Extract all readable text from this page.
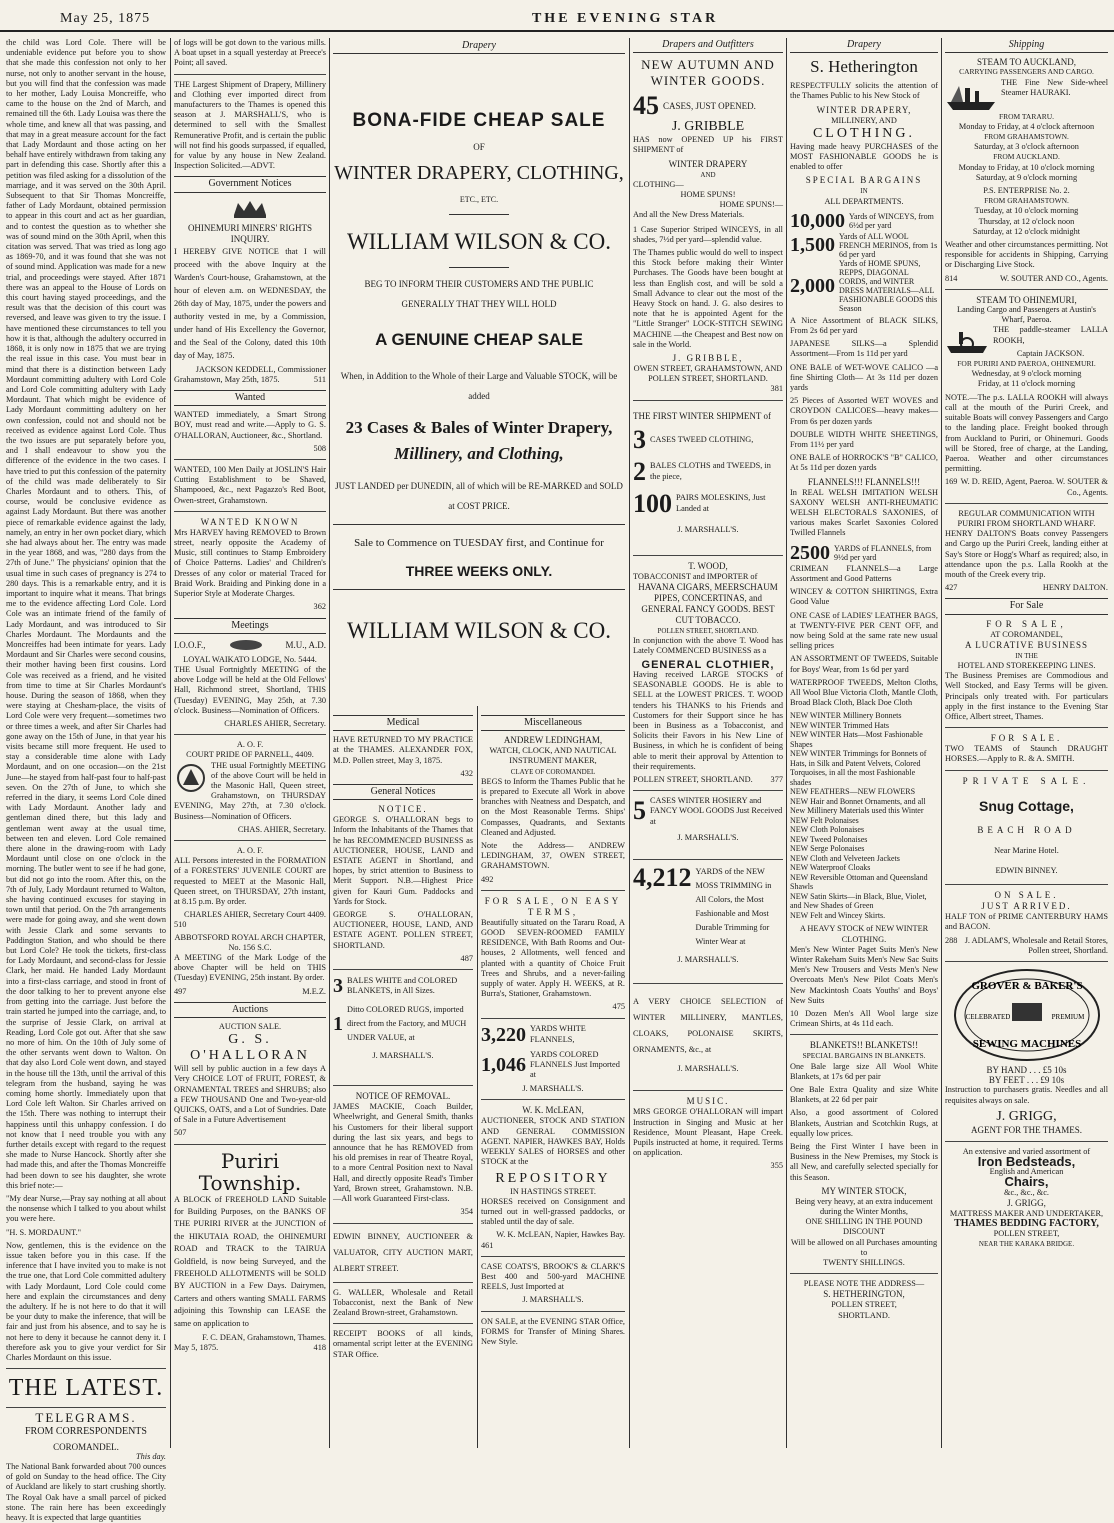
May 25, 1875	THE EVENING STAR

the child was Lord Cole. There will be undeniable evidence put before you to show that she made this confession not only to her nurse, not only to another servant in the house, but you will find that the confession was made to her mother, Lady Louisa Moncreiffe, who came to the house on the 2nd of March, and remained till the 6th. Lady Louisa was there the whole time, and knew all that was passing, and that may in a great measure account for the fact that Lady Mordaunt and those acting on her behalf have entirely withdrawn from taking any part in defending this case. Shortly after this a petition was filed asking for a dissolution of the marriage, and it was served on the 30th April. Subsequent to that Sir Thomas Moncreiffe, father of Lady Mordaunt, obtained permission to appear in this court and act as her guardian, and to contest the question as to whether she was of sound mind on the 30th April, when this citation was served. That was tried as long ago as 1869-70, and it was found that she was not of sound mind. Application was made for a new trial, and proceedings were stayed. After 1871 there was an appeal to the House of Lords on this court having stayed proceedings, and the result was that the decision of this court was reversed, and leave was given to try the issue. I have mentioned these circumstances to tell you how it is that, although the adultery occurred in 1868, it is only now in 1875 that we are trying the real issue in this case. You must bear in mind that there is a distinction between Lady Mordaunt committing adultery with Lord Cole and Lord Cole committing adultery with Lady Mordaunt. That which might be evidence of Lady Mordaunt committing adultery on her own confession, could not and should not be received as evidence against Lord Cole. Thus the two issues are put separately before you, and I shall endeavour to show you the difference of the evidence in the two cases. I have tried to put this confession of the paternity of the child was made deliberately to Sir Charles Mordaunt and to others. This, of course, would be conclusive evidence as against Lady Mordaunt. But there was another piece of remarkable evidence against the lady, namely, an entry in her own pocket diary, which she had always about her. The entry was made in the year 1868, and was, "280 days from the 27th of June." The physicians' opinion that the usual time in such cases of pregnancy is 274 to 280 days. This is a remarkable entry, and it is important to inquire what it means. That brings me to the evidence affecting Lord Cole. Lord Cole was an intimate friend of the family of Lady Mordaunt, and was introduced to Sir Charles Mordaunt. The Mordaunts and the Moncreiffes had been intimate for years. Lady Mordaunt and Sir Charles were second cousins, their mother having been first cousins. Lord Cole was received as a friend, and he visited from time to time at Sir Charles Mordaunt's house. During the season of 1868, when they were staying at Chesham-place, the visits of Lord Cole were very frequent—sometimes two or three times a week, and after Sir Charles had gone away on the 15th of June, in that year his visits became still more frequent. He used to stay a considerable time alone with Lady Mordaunt, and on one occasion—on the 21st June—he stayed from half-past four to half-past seven. On the 27th of June, to which she referred in the diary, it seems Lord Cole dined with Lady Mordaunt. Another lady and gentleman dined there, but this lady and gentleman went away at the usual time, between ten and eleven. Lord Cole remained there alone in the drawing-room with Lady Mordaunt until close on one o'clock in the morning. The butler went to see if he had gone, but did not go into the room. After this, on the 7th of July, Lady Mordaunt returned to Walton, she having continued excuses for staying in town until that period. On the 7th arrangements were made for going away, and she went down with Jessie Clark and some servants to Paddington Station, and who should be there but Lord Cole? He took the tickets, first-class for Lady Mordaunt, and second-class for Jessie Clark, her maid. He handed Lady Mordaunt into a first-class carriage, and stood in front of the door talking to her to prevent anyone else from getting into the carriage. Just before the train started he jumped into the carriage, and, to the surprise of Jessie Clark, on arrival at Reading, Lord Cole got out. After that she saw no more of him. On the 10th of July some of the other servants went down to Walton. On that day also Lord Cole went down, and stayed in the house till the 13th, until the arrival of this telegram from the husband, saying he was coming home shortly. Immediately upon that Lord Cole left Walton. Sir Charles arrived on the 15th. There was nothing to interrupt their happiness until this unhappy confession. I do not know that I need trouble you with any further details except with regard to the request she made to Nurse Hancock. Shortly after she had made this, and after the Thomas Moncreiffe had been down to see his daughter, she wrote this brief note:—

"My dear Nurse,—Pray say nothing at all about the nonsense which I talked to you about whilst you were here.

"H. S. MORDAUNT."

Now, gentlemen, this is the evidence on the issue taken before you in this case. If the inference that I have invited you to make is not the true one, that Lord Cole committed adultery with Lady Mordaunt, Lord Cole could come here and explain the circumstances and deny the adultery. If he is not here to do that it will be your duty to make the inference, that will be fair and just from his absence, and to say he is not here to deny it because he cannot deny it. I therefore ask you to give your verdict for Sir Charles Mordaunt on this issue.

THE LATEST.
TELEGRAMS.
FROM CORRESPONDENTS
COROMANDEL.
This day.

The National Bank forwarded about 700 ounces of gold on Sunday to the head office. The City of Auckland are likely to start crushing shortly. The Royal Oak have a small parcel of picked stone. The rain here has been exceedingly heavy. It is expected that large quantities

of logs will be got down to the various mills. A boat upset in a squall yesterday at Preece's Point; all saved.

THE Largest Shipment of Drapery, Millinery and Clothing ever imported direct from manufacturers to the Thames is opened this season at J. MARSHALL'S, who is determined to sell with the Smallest Remunerative Profit, and is certain the public will not find his goods surpassed, if equalled, for value by any house in New Zealand. Inspection Solicited.—ADVT.

Government Notices
OHINEMURI MINERS' RIGHTS INQUIRY.

I HEREBY GIVE NOTICE that I will proceed with the above Inquiry at the Warden's Court-house, Grahamstown, at the hour of eleven a.m. on WEDNESDAY, the 26th day of May, 1875, under the powers and authority vested in me, by a Commission, under hand of His Excellency the Governor, and the Seal of the Colony, dated this 10th day of May, 1875.

JACKSON KEDDELL, Commissioner
Grahamstown, May 25th, 1875.	511
Wanted

WANTED immediately, a Smart Strong BOY, must read and write.—Apply to G. S. O'HALLORAN, Auctioneer, &c., Shortland.

508

WANTED, 100 Men Daily at JOSLIN'S Hair Cutting Establishment to be Shaved, Shampooed, &c., next Pagazzo's Red Boot, Owen-street, Grahamstown.

WANTED KNOWN

Mrs HARVEY having REMOVED to Brown street, nearly opposite the Academy of Music, still continues to Stamp Embroidery of Choice Patterns. Ladies' and Children's Dresses of any color or material Traced for Braid Work. Braiding and Pinking done in a Superior Style at Moderate Charges.

362
Meetings
I.O.O.F.,	M.U., A.D.
LOYAL WAIKATO LODGE, No. 5444.

THE Usual Fortnightly MEETING of the above Lodge will be held at the Old Fellows' Hall, Richmond street, Shortland, THIS (Tuesday) EVENING, May 25th, at 7.30 o'clock. Business—Nomination of Officers.

CHARLES AHIER, Secretary.
A. O. F.
COURT PRIDE OF PARNELL, 4409.

THE usual Fortnightly MEETING of the above Court will be held in the Masonic Hall, Queen street, Grahamstown, on THURSDAY EVENING, May 27th, at 7.30 o'clock. Business—Nomination of Officers.

CHAS. AHIER, Secretary.
A. O. F.

ALL Persons interested in the FORMATION of a FORESTERS' JUVENILE COURT are requested to MEET at the Masonic Hall, Queen street, on THURSDAY, 27th instant, at 8.15 p.m. By order.

CHARLES AHIER, Secretary Court 4409.
510
ABBOTSFORD ROYAL ARCH CHAPTER, No. 156 S.C.

A MEETING of the Mark Lodge of the above Chapter will be held on THIS (Tuesday) EVENING, 25th instant. By order.

497	M.E.Z.
Auctions
AUCTION SALE.
G. S. O'HALLORAN

Will sell by public auction in a few days A Very CHOICE LOT of FRUIT, FOREST, & ORNAMENTAL TREES and SHRUBS; also a FEW THOUSAND One and Two-year-old QUICKS, OATS, and a Lot of Sundries. Date of Sale in a Future Advertisement

507
Puriri Township.

A BLOCK of FREEHOLD LAND Suitable for Building Purposes, on the BANKS OF THE PURIRI RIVER at the JUNCTION of the HIKUTAIA ROAD, the OHINEMURI ROAD and TRACK to the TAIRUA Goldfield, is now being Surveyed, and the FREEHOLD ALLOTMENTS will be SOLD BY AUCTION in a Few Days. Dairymen, Carters and others wanting SMALL FARMS adjoining this Township can LEASE the same on application to

F. C. DEAN, Grahamstown, Thames.
May 5, 1875.	418
Drapery
BONA-FIDE CHEAP SALE
OF
WINTER DRAPERY, CLOTHING,
ETC., ETC.
WILLIAM WILSON & CO.
BEG TO INFORM THEIR CUSTOMERS AND THE PUBLIC GENERALLY THAT THEY WILL HOLD
A GENUINE CHEAP SALE
When, in Addition to the Whole of their Large and Valuable STOCK, will be added
23 Cases & Bales of Winter Drapery,
Millinery, and Clothing,
JUST LANDED per DUNEDIN, all of which will be RE-MARKED and SOLD at COST PRICE.
Sale to Commence on TUESDAY first, and Continue for
THREE WEEKS ONLY.
WILLIAM WILSON & CO.
Medical

HAVE RETURNED TO MY PRACTICE at the THAMES. ALEXANDER FOX, M.D. Pollen street, May 3, 1875.

432
General Notices
NOTICE.

GEORGE S. O'HALLORAN begs to Inform the Inhabitants of the Thames that he has RECOMMENCED BUSINESS as AUCTIONEER, HOUSE, LAND and ESTATE AGENT in Shortland, and hopes, by strict attention to Business to Merit Support. N.B.—Highest Price given for Kauri Gum. Paddocks and Yards for Stock.

GEORGE S. O'HALLORAN, AUCTIONEER, HOUSE, LAND, AND ESTATE AGENT. POLLEN STREET, SHORTLAND.

487
3 BALES WHITE and COLORED BLANKETS, in All Sizes.
1
Ditto COLORED RUGS, imported direct from the Factory, and MUCH UNDER VALUE, at
J. MARSHALL'S.
NOTICE OF REMOVAL.

JAMES MACKIE, Coach Builder, Wheelwright, and General Smith, thanks his Customers for their liberal support during the last six years, and begs to announce that he has REMOVED from his old premises in rear of Theatre Royal, to a more Central Position next to Naval Hall, and directly opposite Read's Timber Yard, Brown street, Grahamstown. N.B.—All work Guaranteed First-class.

354

EDWIN BINNEY, AUCTIONEER & VALUATOR, CITY AUCTION MART, ALBERT STREET.

G. WALLER, Wholesale and Retail Tobacconist, next the Bank of New Zealand Brown-street, Grahamstown.

RECEIPT BOOKS of all kinds, ornamental script letter at the EVENING STAR Office.

Miscellaneous
ANDREW LEDINGHAM,
WATCH, CLOCK, AND NAUTICAL INSTRUMENT MAKER,
CLAYE OF COROMANDEL

BEGS to Inform the Thames Public that he is prepared to Execute all Work in above branches with Neatness and Despatch, and on the Most Reasonable Terms. Ships' Compasses, Quadrants, and Sextants Cleaned and Adjusted.

Note the Address— ANDREW LEDINGHAM, 37, OWEN STREET, GRAHAMSTOWN.

492
FOR SALE, ON EASY TERMS,

Beautifully situated on the Tararu Road, A GOOD SEVEN-ROOMED FAMILY RESIDENCE, With Bath Rooms and Out-houses, 2 Allotments, well fenced and planted with a quantity of Choice Fruit Trees and Shrubs, and a never-failing supply of water. Apply H. WEEKS, at R. Burra's, Stationer, Grahamstown.

475
3,220 YARDS WHITE FLANNELS,
1,046 YARDS COLORED FLANNELS Just Imported at
J. MARSHALL'S.
W. K. McLEAN,

AUCTIONEER, STOCK AND STATION AND GENERAL COMMISSION AGENT. NAPIER, HAWKES BAY, Holds WEEKLY SALES of HORSES and other STOCK at the

REPOSITORY
IN HASTINGS STREET.

HORSES received on Consignment and turned out in well-grassed paddocks, or stabled until the day of sale.

W. K. McLEAN, Napier, Hawkes Bay.
461

CASE COATS'S, BROOK'S & CLARK'S Best 400 and 500-yard MACHINE REELS, Just Imported at

J. MARSHALL'S.

ON SALE, at the EVENING STAR Office, FORMS for Transfer of Mining Shares. New Style.

Drapers and Outfitters
NEW AUTUMN AND WINTER GOODS.
45 CASES, JUST OPENED.
J. GRIBBLE

HAS now OPENED UP his FIRST SHIPMENT of

WINTER DRAPERY
AND
CLOTHING—
HOME SPUNS!
HOME SPUNS!—
And all the New Dress Materials.

1 Case Superior Striped WINCEYS, in all shades, 7½d per yard—splendid value.

The Thames public would do well to inspect this Stock before making their Winter Purchases. The Goods have been bought at less than English cost, and will be sold a Small Advance to clear out the most of the Heavy Stock on hand. J. G. also desires to note that he is appointed Agent for the "Little Stranger" LOCK-STITCH SEWING MACHINE —the Cheapest and Best now on sale in the World.

J. GRIBBLE,
OWEN STREET, GRAHAMSTOWN, AND POLLEN STREET, SHORTLAND.
381

THE FIRST WINTER SHIPMENT of

3 CASES TWEED CLOTHING,
2 BALES CLOTHS and TWEEDS, in the piece,
100 PAIRS MOLESKINS, Just Landed at
J. MARSHALL'S.
T. WOOD,
TOBACCONIST and IMPORTER of
HAVANA CIGARS, MEERSCHAUM PIPES, CONCERTINAS, and GENERAL FANCY GOODS. BEST CUT TOBACCO.
POLLEN STREET, SHORTLAND.

In conjunction with the above T. Wood has Lately COMMENCED BUSINESS as a

GENERAL CLOTHIER,

Having received LARGE STOCKS of SEASONABLE GOODS. He is able to SELL at the LOWEST PRICES. T. WOOD tenders his THANKS to his Friends and Customers for their Support since he has been in Business as a Tobacconist, and Solicits their Favors in his New Line of Business, in which he is confident of being able to merit their approval by Attention to their requirements.

POLLEN STREET, SHORTLAND. 377
5 CASES WINTER HOSIERY and FANCY WOOL GOODS Just Received at
J. MARSHALL'S.
4,212 YARDS of the NEW MOSS TRIMMING in All Colors, the Most Fashionable and Most Durable Trimming for Winter Wear at
J. MARSHALL'S.

A VERY CHOICE SELECTION of WINTER MILLINERY, MANTLES, CLOAKS, POLONAISE SKIRTS, ORNAMENTS, &c., at

J. MARSHALL'S.
MUSIC.

MRS GEORGE O'HALLORAN will impart Instruction in Singing and Music at her Residence, Mount Pleasant, Hape Creek. Pupils instructed at home, it required. Terms on application.

355
Drapery
S. Hetherington

RESPECTFULLY solicits the attention of the Thames Public to his New Stock of

WINTER DRAPERY,
MILLINERY, AND
CLOTHING.

Having made heavy PURCHASES of the MOST FASHIONABLE GOODS he is enabled to offer

SPECIAL BARGAINS
IN
ALL DEPARTMENTS.
10,000 Yards of WINCEYS, from 6½d per yard
1,500 Yards of ALL WOOL FRENCH MERINOS, from 1s 6d per yard
2,000
Yards of HOME SPUNS, REPPS, DIAGONAL CORDS, and WINTER DRESS MATERIALS—ALL FASHIONABLE GOODS this Season

A Nice Assortment of BLACK SILKS, From 2s 6d per yard

JAPANESE SILKS—a Splendid Assortment—From 1s 11d per yard

ONE BALE of WET-WOVE CALICO —a fine Shirting Cloth— At 3s 11d per dozen yards

25 Pieces of Assorted WET WOVES and CROYDON CALICOES—heavy makes— From 6s per dozen yards

DOUBLE WIDTH WHITE SHEETINGS, From 11½ per yard

ONE BALE of HORROCK'S "B" CALICO, At 5s 11d per dozen yards

FLANNELS!!! FLANNELS!!!

In REAL WELSH IMITATION WELSH SAXONY WELSH ANTI-RHEUMATIC WELSH ELECTORALS SAXONIES, of various makes Scarlet Saxonies Colored Twilled Flannels

2500 YARDS of FLANNELS, from 9½d per yard

CRIMEAN FLANNELS—a Large Assortment and Good Patterns

WINCEY & COTTON SHIRTINGS, Extra Good Value

ONE CASE of LADIES' LEATHER BAGS, at TWENTY-FIVE PER CENT OFF, and now being Sold at the same rate new usual selling prices

AN ASSORTMENT OF TWEEDS, Suitable for Boys' Wear, from 1s 6d per yard

WATERPROOF TWEEDS, Melton Cloths, All Wool Blue Victoria Cloth, Mantle Cloth, Broad Black Cloth, Black Doe Cloth

NEW WINTER Millinery Bonnets
NEW WINTER Trimmed Hats
NEW WINTER Hats—Most Fashionable Shapes
NEW WINTER Trimmings for Bonnets of Hats, in Silk and Patent Velvets, Colored Torquoises, in all the most Fashionable shades
NEW FEATHERS—NEW FLOWERS
NEW Hair and Bonnet Ornaments, and all New Millinery Materials used this Winter
NEW Felt Polonaises
NEW Cloth Polonaises
NEW Tweed Polonaises
NEW Serge Polonaises
NEW Cloth and Velveteen Jackets
NEW Waterproof Cloaks
NEW Reversible Ottoman and Queensland Shawls
NEW Satin Skirts—in Black, Blue, Violet, and New Shades of Green
NEW Felt and Wincey Skirts.
A HEAVY STOCK of NEW WINTER CLOTHING.

Men's New Winter Paget Suits Men's New Winter Rakeham Suits Men's New Sac Suits Men's New Trousers and Vests Men's New Overcoats Men's New Pilot Coats Men's New Mackintosh Coats Youths' and Boys' New Suits

10 Dozen Men's All Wool large size Crimean Shirts, at 4s 11d each.

BLANKETS!! BLANKETS!!
SPECIAL BARGAINS IN BLANKETS.

One Bale large size All Wool White Blankets, at 17s 6d per pair

One Bale Extra Quality and size White Blankets, at 22 6d per pair

Also, a good assortment of Colored Blankets, Austrian and Scotchkin Rugs, at equally low prices.

Being the First Winter I have been in Business in the New Premises, my Stock is all New, and carefully selected specially for this Season.

MY WINTER STOCK,
Being very heavy, at an extra inducement during the Winter Months,
ONE SHILLING IN THE POUND DISCOUNT
Will be allowed on all Purchases amounting to
TWENTY SHILLINGS.
PLEASE NOTE THE ADDRESS—
S. HETHERINGTON,
POLLEN STREET,
SHORTLAND.
Shipping
STEAM TO AUCKLAND,
CARRYING PASSENGERS AND CARGO.

THE Fine New Side-wheel Steamer HAURAKI.

FROM TARARU.
Monday to Friday, at 4 o'clock afternoon
FROM GRAHAMSTOWN.
Saturday, at 3 o'clock afternoon
FROM AUCKLAND.
Monday to Friday, at 10 o'clock morning
Saturday, at 9 o'clock morning
P.S. ENTERPRISE No. 2.
FROM GRAHAMSTOWN.
Tuesday, at 10 o'clock morning
Thursday, at 12 o'clock noon
Saturday, at 12 o'clock midnight

Weather and other circumstances permitting. Not responsible for accidents in Shipping, Carrying or Discharging Live Stock.

814	W. SOUTER AND CO., Agents.
STEAM TO OHINEMURI,
Landing Cargo and Passengers at Austin's Wharf, Paeroa.

THE paddle-steamer LALLA ROOKH,

Captain JACKSON.
FOR PURIRI AND PAEROA, OHINEMURI.
Wednesday, at 9 o'clock morning
Friday, at 11 o'clock morning

NOTE.—The p.s. LALLA ROOKH will always call at the mouth of the Puriri Creek, and suitable Boats will convey Passengers and Cargo to the landing place. Freight booked through from Auckland to Puriri, or Ohinemuri. Goods will be Stored, free of charge, at the Landing, Paeroa. Weather and other circumstances permitting.

169 W. D. REID, Agent, Paeroa. W. SOUTER & Co., Agents.
REGULAR COMMUNICATION WITH PURIRI FROM SHORTLAND WHARF.

HENRY DALTON'S Boats convey Passengers and Cargo up the Puriri Creek, landing either at Say's Store or Hogg's Wharf as required; also, in attendance upon the p.s. Lalla Rookh at the mouth of the Creek every trip.

427	HENRY DALTON.
For Sale
FOR SALE,
AT COROMANDEL,
A LUCRATIVE BUSINESS
IN THE
HOTEL AND STOREKEEPING LINES.

The Business Premises are Commodious and Well Stocked, and Easy Terms will be given. Principals only treated with. For particulars apply in the first instance to the Evening Star Office, Albert street, Thames.

FOR SALE.

TWO TEAMS of Staunch DRAUGHT HORSES.—Apply to R. & A. SMITH.

PRIVATE SALE.
Snug Cottage,
BEACH ROAD
Near Marine Hotel.
EDWIN BINNEY.
ON SALE.
JUST ARRIVED.

HALF TON of PRIME CANTERBURY HAMS and BACON.

288 J. ADLAM'S, Wholesale and Retail Stores, Pollen street, Shortland.
GROVER & BAKER'S
CELEBRATED	PREMIUM
SEWING MACHINES
BY HAND . . . £5 10s
BY FEET . . . £9 10s

Instruction to purchasers gratis. Needles and all requisites always on sale.

J. GRIGG,
AGENT FOR THE THAMES.
An extensive and varied assortment of
Iron Bedsteads,
English and American
Chairs,
&c., &c., &c.
J. GRIGG,
MATTRESS MAKER AND UNDERTAKER,
THAMES BEDDING FACTORY,
POLLEN STREET,
NEAR THE KARAKA BRIDGE.
